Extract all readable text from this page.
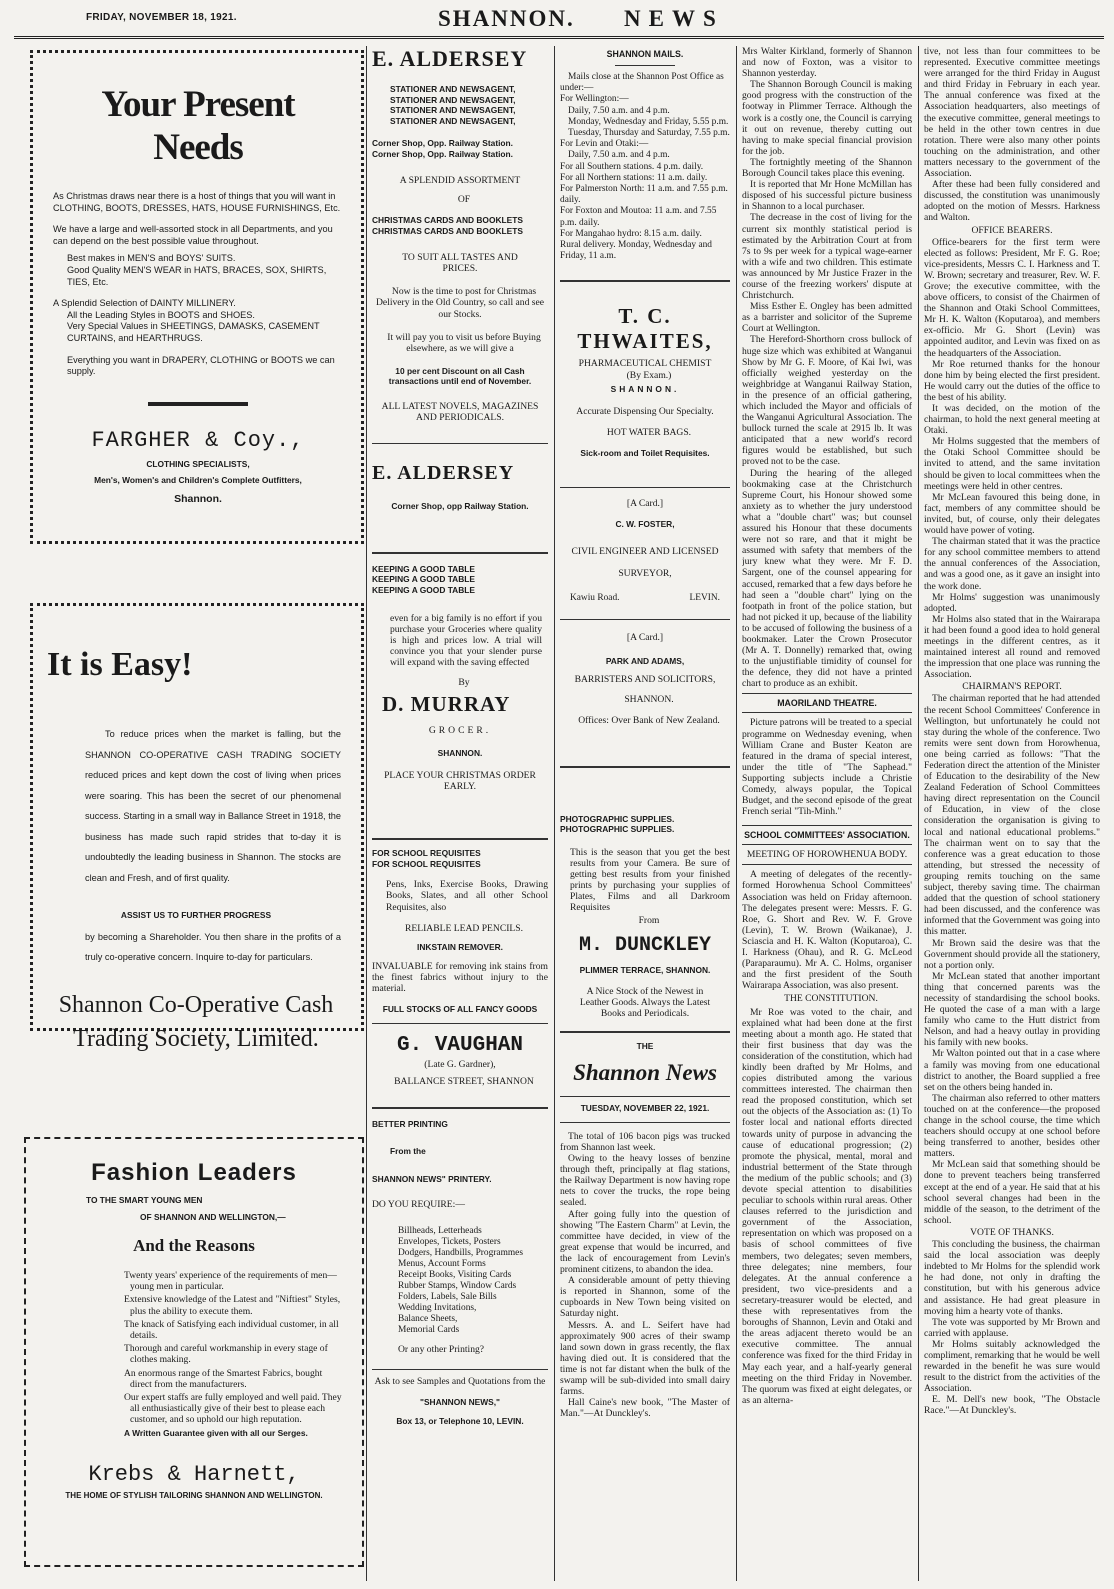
FRIDAY, NOVEMBER 18, 1921.	SHANNON. NEWS
Your Present Needs

As Christmas draws near there is a host of things that you will want in CLOTHING, BOOTS, DRESSES, HATS, HOUSE FURNISHINGS, Etc.

We have a large and well-assorted stock in all Departments, and you can depend on the best possible value throughout.

Best makes in MEN'S and BOYS' SUITS.

Good Quality MEN'S WEAR in HATS, BRACES, SOX, SHIRTS, TIES, Etc.

A Splendid Selection of DAINTY MILLINERY.

All the Leading Styles in BOOTS and SHOES.

Very Special Values in SHEETINGS, DAMASKS, CASEMENT CURTAINS, and HEARTHRUGS.

Everything you want in DRAPERY, CLOTHING or BOOTS we can supply.

FARGHER & Coy.,
CLOTHING SPECIALISTS,
Men's, Women's and Children's Complete Outfitters,
Shannon.
It is Easy!

To reduce prices when the market is falling, but the SHANNON CO-OPERATIVE CASH TRADING SOCIETY reduced prices and kept down the cost of living when prices were soaring. This has been the secret of our phenomenal success. Starting in a small way in Ballance Street in 1918, the business has made such rapid strides that to-day it is undoubtedly the leading business in Shannon. The stocks are clean and Fresh, and of first quality.

ASSIST US TO FURTHER PROGRESS

by becoming a Shareholder. You then share in the profits of a truly co-operative concern. Inquire to-day for particulars.

Shannon Co-Operative Cash Trading Society, Limited.
Fashion Leaders
TO THE SMART YOUNG MEN
OF SHANNON AND WELLINGTON,—
And the Reasons

Twenty years' experience of the requirements of men—young men in particular.

Extensive knowledge of the Latest and "Niftiest" Styles, plus the ability to execute them.

The knack of Satisfying each individual customer, in all details.

Thorough and careful workmanship in every stage of clothes making.

An enormous range of the Smartest Fabrics, bought direct from the manufacturers.

Our expert staffs are fully employed and well paid. They all enthusiastically give of their best to please each customer, and so uphold our high reputation.

A Written Guarantee given with all our Serges.

Krebs & Harnett,
THE HOME OF STYLISH TAILORING SHANNON AND WELLINGTON.
E. ALDERSEY
STATIONER AND NEWSAGENT,
STATIONER AND NEWSAGENT,
STATIONER AND NEWSAGENT,
STATIONER AND NEWSAGENT,
Corner Shop, Opp. Railway Station.
Corner Shop, Opp. Railway Station.

A SPLENDID ASSORTMENT

OF

CHRISTMAS CARDS AND BOOKLETS
CHRISTMAS CARDS AND BOOKLETS

TO SUIT ALL TASTES AND PRICES.

Now is the time to post for Christmas Delivery in the Old Country, so call and see our Stocks.

It will pay you to visit us before Buying elsewhere, as we will give a

10 per cent Discount on all Cash transactions until end of November.

ALL LATEST NOVELS, MAGAZINES AND PERIODICALS.

E. ALDERSEY
Corner Shop, opp Railway Station.
KEEPING A GOOD TABLE
KEEPING A GOOD TABLE
KEEPING A GOOD TABLE

even for a big family is no effort if you purchase your Groceries where quality is high and prices low. A trial will convince you that your slender purse will expand with the saving effected

By

D. MURRAY

GROCER.

SHANNON.

PLACE YOUR CHRISTMAS ORDER EARLY.

FOR SCHOOL REQUISITES
FOR SCHOOL REQUISITES

Pens, Inks, Exercise Books, Drawing Books, Slates, and all other School Requisites, also

RELIABLE LEAD PENCILS.

INKSTAIN REMOVER.

INVALUABLE for removing ink stains from the finest fabrics without injury to the material.

FULL STOCKS OF ALL FANCY GOODS

G. VAUGHAN

(Late G. Gardner),

BALLANCE STREET, SHANNON

BETTER PRINTING

From the

SHANNON NEWS" PRINTERY.

DO YOU REQUIRE:—

Billheads, Letterheads
Envelopes, Tickets, Posters
Dodgers, Handbills, Programmes
Menus, Account Forms
Receipt Books, Visiting Cards
Rubber Stamps, Window Cards
Folders, Labels, Sale Bills
Wedding Invitations,
Balance Sheets,
Memorial Cards

Or any other Printing?

Ask to see Samples and Quotations from the

"SHANNON NEWS,"

Box 13, or Telephone 10, LEVIN.

SHANNON MAILS.
Mails close at the Shannon Post Office as under:—
For Wellington:—
Daily, 7.50 a.m. and 4 p.m.
Monday, Wednesday and Friday, 5.55 p.m.
Tuesday, Thursday and Saturday, 7.55 p.m.
For Levin and Otaki:—
Daily, 7.50 a.m. and 4 p.m.
For all Southern stations. 4 p.m. daily.
For all Northern stations: 11 a.m. daily.
For Palmerston North: 11 a.m. and 7.55 p.m. daily.
For Foxton and Moutoa: 11 a.m. and 7.55 p.m. daily.
For Mangahao hydro: 8.15 a.m. daily.
Rural delivery. Monday, Wednesday and Friday, 11 a.m.
T. C. THWAITES,

PHARMACEUTICAL CHEMIST

(By Exam.)

SHANNON.

Accurate Dispensing Our Specialty.

HOT WATER BAGS.

Sick-room and Toilet Requisites.

[A Card.]

C. W. FOSTER,

CIVIL ENGINEER AND LICENSED SURVEYOR,

Kawiu Road.	LEVIN.

[A Card.]

PARK AND ADAMS,

BARRISTERS AND SOLICITORS,

SHANNON.

Offices: Over Bank of New Zealand.

PHOTOGRAPHIC SUPPLIES.
PHOTOGRAPHIC SUPPLIES.

This is the season that you get the best results from your Camera. Be sure of getting best results from your finished prints by purchasing your supplies of Plates, Films and all Darkroom Requisites

From

M. DUNCKLEY

PLIMMER TERRACE, SHANNON.

A Nice Stock of the Newest in Leather Goods. Always the Latest Books and Periodicals.

THE

Shannon News

TUESDAY, NOVEMBER 22, 1921.

The total of 106 bacon pigs was trucked from Shannon last week.

Owing to the heavy losses of benzine through theft, principally at flag stations, the Railway Department is now having rope nets to cover the trucks, the rope being sealed.

After going fully into the question of showing "The Eastern Charm" at Levin, the committee have decided, in view of the great expense that would be incurred, and the lack of encouragement from Levin's prominent citizens, to abandon the idea.

A considerable amount of petty thieving is reported in Shannon, some of the cupboards in New Town being visited on Saturday night.

Messrs. A. and L. Seifert have had approximately 900 acres of their swamp land sown down in grass recently, the flax having died out. It is considered that the time is not far distant when the bulk of the swamp will be sub-divided into small dairy farms.

Hall Caine's new book, "The Master of Man."—At Dunckley's.

Mrs Walter Kirkland, formerly of Shannon and now of Foxton, was a visitor to Shannon yesterday.

The Shannon Borough Council is making good progress with the construction of the footway in Plimmer Terrace. Although the work is a costly one, the Council is carrying it out on revenue, thereby cutting out having to make special financial provision for the job.

The fortnightly meeting of the Shannon Borough Council takes place this evening.

It is reported that Mr Hone McMillan has disposed of his successful picture business in Shannon to a local purchaser.

The decrease in the cost of living for the current six monthly statistical period is estimated by the Arbitration Court at from 7s to 9s per week for a typical wage-earner with a wife and two children. This estimate was announced by Mr Justice Frazer in the course of the freezing workers' dispute at Christchurch.

Miss Esther E. Ongley has been admitted as a barrister and solicitor of the Supreme Court at Wellington.

The Hereford-Shorthorn cross bullock of huge size which was exhibited at Wanganui Show by Mr G. F. Moore, of Kai Iwi, was officially weighed yesterday on the weighbridge at Wanganui Railway Station, in the presence of an official gathering, which included the Mayor and officials of the Wanganui Agricultural Association. The bullock turned the scale at 2915 lb. It was anticipated that a new world's record figures would be established, but such proved not to be the case.

During the hearing of the alleged bookmaking case at the Christchurch Supreme Court, his Honour showed some anxiety as to whether the jury understood what a "double chart" was; but counsel assured his Honour that these documents were not so rare, and that it might be assumed with safety that members of the jury knew what they were. Mr F. D. Sargent, one of the counsel appearing for accused, remarked that a few days before he had seen a "double chart" lying on the footpath in front of the police station, but had not picked it up, because of the liability to be accused of following the business of a bookmaker. Later the Crown Prosecutor (Mr A. T. Donnelly) remarked that, owing to the unjustifiable timidity of counsel for the defence, they did not have a printed chart to produce as an exhibit.

MAORILAND THEATRE.

Picture patrons will be treated to a special programme on Wednesday evening, when William Crane and Buster Keaton are featured in the drama of special interest, under the title of "The Saphead." Supporting subjects include a Christie Comedy, always popular, the Topical Budget, and the second episode of the great French serial "Tih-Minh."

SCHOOL COMMITTEES' ASSOCIATION.

MEETING OF HOROWHENUA BODY.

A meeting of delegates of the recently-formed Horowhenua School Committees' Association was held on Friday afternoon. The delegates present were: Messrs. F. G. Roe, G. Short and Rev. W. F. Grove (Levin), T. W. Brown (Waikanae), J. Sciascia and H. K. Walton (Koputaroa), C. I. Harkness (Ohau), and R. G. McLeod (Paraparaumu). Mr A. C. Holms, organiser and the first president of the South Wairarapa Association, was also present.

THE CONSTITUTION.

Mr Roe was voted to the chair, and explained what had been done at the first meeting about a month ago. He stated that their first business that day was the consideration of the constitution, which had kindly been drafted by Mr Holms, and copies distributed among the various committees interested. The chairman then read the proposed constitution, which set out the objects of the Association as: (1) To foster local and national efforts directed towards unity of purpose in advancing the cause of educational progression; (2) promote the physical, mental, moral and industrial betterment of the State through the medium of the public schools; and (3) devote special attention to disabilities peculiar to schools within rural areas. Other clauses referred to the jurisdiction and government of the Association, representation on which was proposed on a basis of school committees of five members, two delegates; seven members, three delegates; nine members, four delegates. At the annual conference a president, two vice-presidents and a secretary-treasurer would be elected, and these with representatives from the boroughs of Shannon, Levin and Otaki and the areas adjacent thereto would be an executive committee. The annual conference was fixed for the third Friday in May each year, and a half-yearly general meeting on the third Friday in November. The quorum was fixed at eight delegates, or as an alterna-

tive, not less than four committees to be represented. Executive committee meetings were arranged for the third Friday in August and third Friday in February in each year. The annual conference was fixed at the Association headquarters, also meetings of the executive committee, general meetings to be held in the other town centres in due rotation. There were also many other points touching on the administration, and other matters necessary to the government of the Association.

After these had been fully considered and discussed, the constitution was unanimously adopted on the motion of Messrs. Harkness and Walton.

OFFICE BEARERS.

Office-bearers for the first term were elected as follows: President, Mr F. G. Roe; vice-presidents, Messrs C. I. Harkness and T. W. Brown; secretary and treasurer, Rev. W. F. Grove; the executive committee, with the above officers, to consist of the Chairmen of the Shannon and Otaki School Committees, Mr H. K. Walton (Koputaroa), and members ex-officio. Mr G. Short (Levin) was appointed auditor, and Levin was fixed on as the headquarters of the Association.

Mr Roe returned thanks for the honour done him by being elected the first president. He would carry out the duties of the office to the best of his ability.

It was decided, on the motion of the chairman, to hold the next general meeting at Otaki.

Mr Holms suggested that the members of the Otaki School Committee should be invited to attend, and the same invitation should be given to local committees when the meetings were held in other centres.

Mr McLean favoured this being done, in fact, members of any committee should be invited, but, of course, only their delegates would have power of voting.

The chairman stated that it was the practice for any school committee members to attend the annual conferences of the Association, and was a good one, as it gave an insight into the work done.

Mr Holms' suggestion was unanimously adopted.

Mr Holms also stated that in the Wairarapa it had been found a good idea to hold general meetings in the different centres, as it maintained interest all round and removed the impression that one place was running the Association.

CHAIRMAN'S REPORT.

The chairman reported that he had attended the recent School Committees' Conference in Wellington, but unfortunately he could not stay during the whole of the conference. Two remits were sent down from Horowhenua, one being carried as follows: "That the Federation direct the attention of the Minister of Education to the desirability of the New Zealand Federation of School Committees having direct representation on the Council of Education, in view of the close consideration the organisation is giving to local and national educational problems." The chairman went on to say that the conference was a great education to those attending, but stressed the necessity of grouping remits touching on the same subject, thereby saving time. The chairman added that the question of school stationery had been discussed, and the conference was informed that the Government was going into this matter.

Mr Brown said the desire was that the Government should provide all the stationery, not a portion only.

Mr McLean stated that another important thing that concerned parents was the necessity of standardising the school books. He quoted the case of a man with a large family who came to the Hutt district from Nelson, and had a heavy outlay in providing his family with new books.

Mr Walton pointed out that in a case where a family was moving from one educational district to another, the Board supplied a free set on the others being handed in.

The chairman also referred to other matters touched on at the conference—the proposed change in the school course, the time which teachers should occupy at one school before being transferred to another, besides other matters.

Mr McLean said that something should be done to prevent teachers being transferred except at the end of a year. He said that at his school several changes had been in the middle of the season, to the detriment of the school.

VOTE OF THANKS.

This concluding the business, the chairman said the local association was deeply indebted to Mr Holms for the splendid work he had done, not only in drafting the constitution, but with his generous advice and assistance. He had great pleasure in moving him a hearty vote of thanks.

The vote was supported by Mr Brown and carried with applause.

Mr Holms suitably acknowledged the compliment, remarking that he would be well rewarded in the benefit he was sure would result to the district from the activities of the Association.

E. M. Dell's new book, "The Obstacle Race."—At Dunckley's.
